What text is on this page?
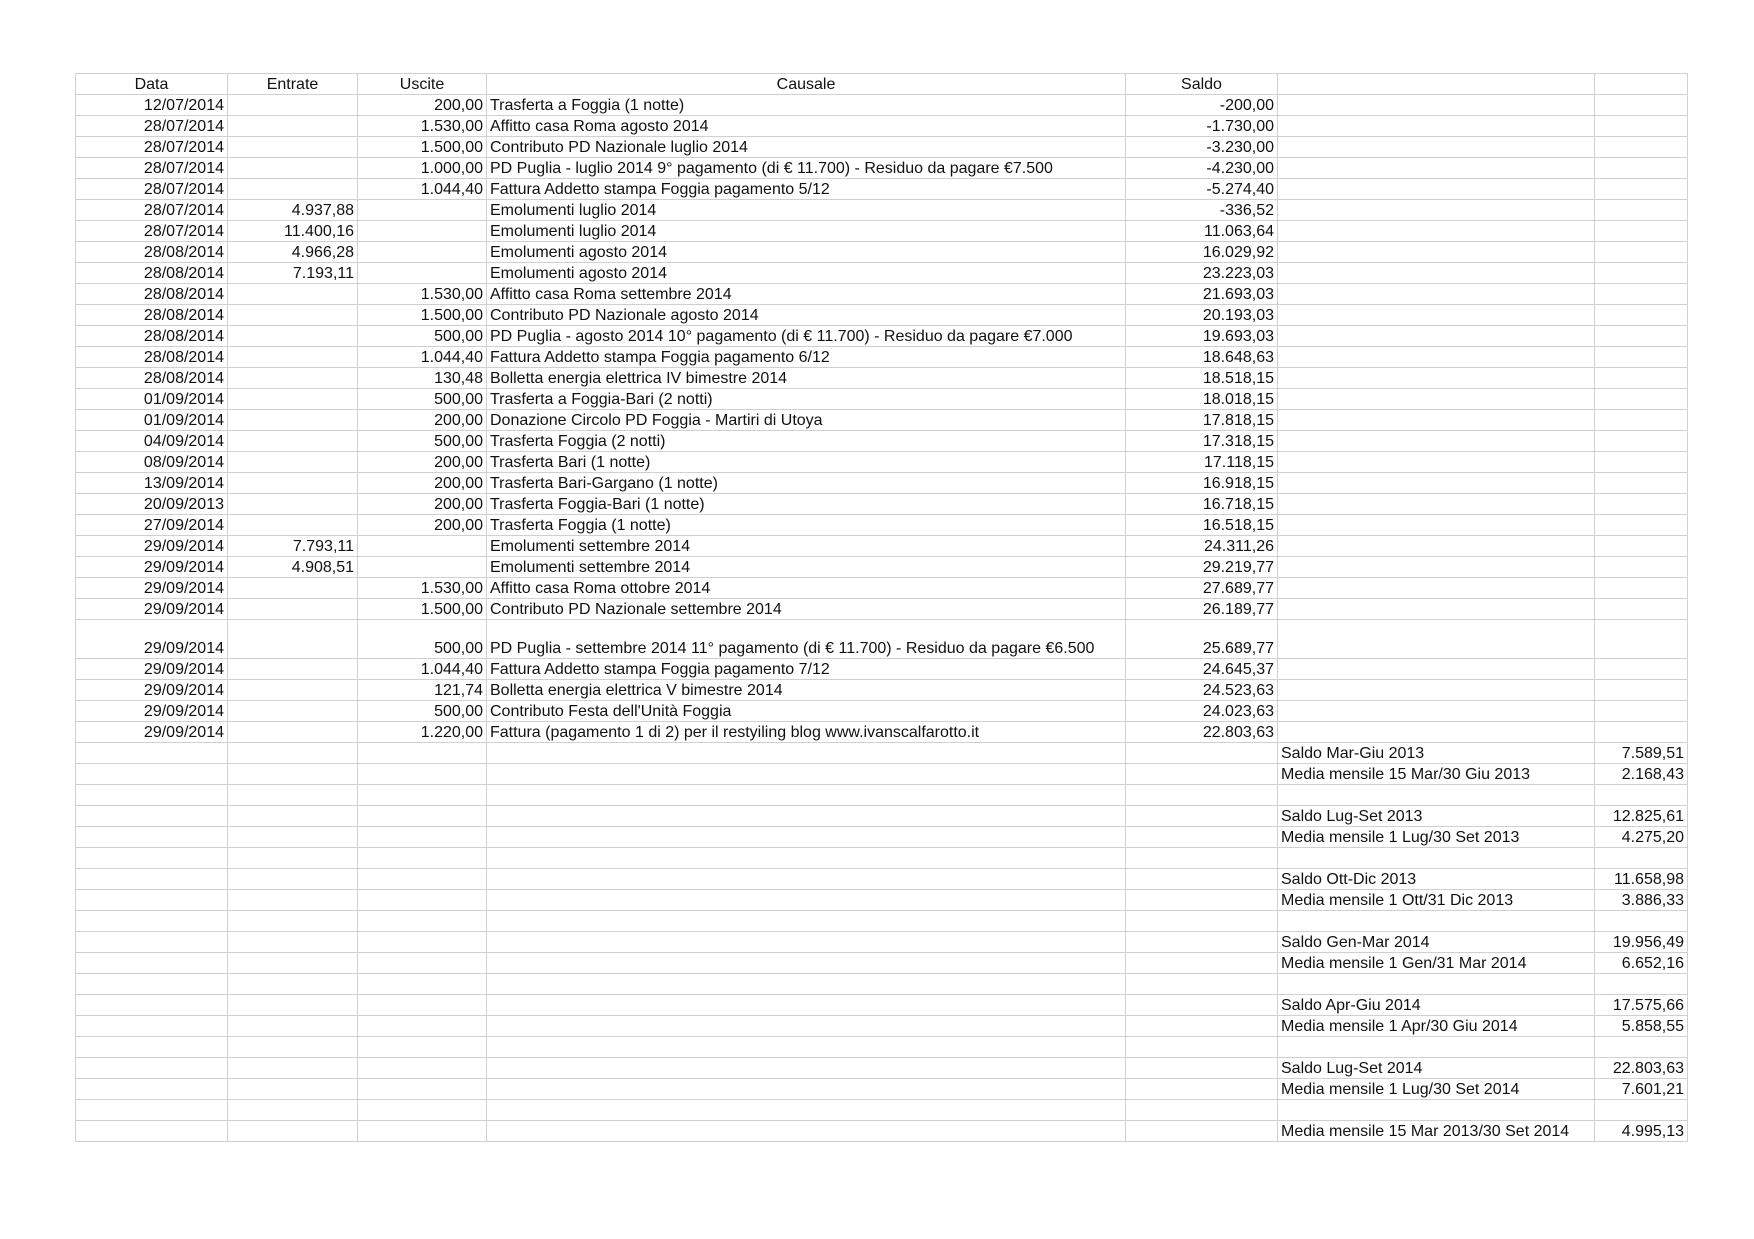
Data	Entrate	Uscite	Causale	Saldo		
12/07/2014		200,00	Trasferta a Foggia (1 notte)	-200,00		
28/07/2014		1.530,00	Affitto casa Roma agosto 2014	-1.730,00		
28/07/2014		1.500,00	Contributo PD Nazionale luglio 2014	-3.230,00		
28/07/2014		1.000,00	PD Puglia - luglio 2014 9° pagamento (di € 11.700) - Residuo da pagare €7.500	-4.230,00		
28/07/2014		1.044,40	Fattura Addetto stampa Foggia pagamento 5/12	-5.274,40		
28/07/2014	4.937,88		Emolumenti luglio 2014	-336,52		
28/07/2014	11.400,16		Emolumenti luglio 2014	11.063,64		
28/08/2014	4.966,28		Emolumenti agosto 2014	16.029,92		
28/08/2014	7.193,11		Emolumenti agosto 2014	23.223,03		
28/08/2014		1.530,00	Affitto casa Roma settembre 2014	21.693,03		
28/08/2014		1.500,00	Contributo PD Nazionale agosto 2014	20.193,03		
28/08/2014		500,00	PD Puglia - agosto 2014 10° pagamento (di € 11.700) - Residuo da pagare €7.000	19.693,03		
28/08/2014		1.044,40	Fattura Addetto stampa Foggia pagamento 6/12	18.648,63		
28/08/2014		130,48	Bolletta energia elettrica IV bimestre 2014	18.518,15		
01/09/2014		500,00	Trasferta a Foggia-Bari (2 notti)	18.018,15		
01/09/2014		200,00	Donazione Circolo PD Foggia - Martiri di Utoya	17.818,15		
04/09/2014		500,00	Trasferta Foggia (2 notti)	17.318,15		
08/09/2014		200,00	Trasferta Bari (1 notte)	17.118,15		
13/09/2014		200,00	Trasferta Bari-Gargano (1 notte)	16.918,15		
20/09/2013		200,00	Trasferta Foggia-Bari (1 notte)	16.718,15		
27/09/2014		200,00	Trasferta Foggia (1 notte)	16.518,15		
29/09/2014	7.793,11		Emolumenti settembre 2014	24.311,26		
29/09/2014	4.908,51		Emolumenti settembre 2014	29.219,77		
29/09/2014		1.530,00	Affitto casa Roma ottobre 2014	27.689,77		
29/09/2014		1.500,00	Contributo PD Nazionale settembre 2014	26.189,77		
29/09/2014		500,00	PD Puglia - settembre 2014 11° pagamento (di € 11.700) - Residuo da pagare €6.500	25.689,77		
29/09/2014		1.044,40	Fattura Addetto stampa Foggia pagamento 7/12	24.645,37		
29/09/2014		121,74	Bolletta energia elettrica V bimestre 2014	24.523,63		
29/09/2014		500,00	Contributo Festa dell'Unità Foggia	24.023,63		
29/09/2014		1.220,00	Fattura (pagamento 1 di 2) per il restyiling blog www.ivanscalfarotto.it	22.803,63		
					Saldo Mar-Giu 2013	7.589,51
					Media mensile 15 Mar/30 Giu 2013	2.168,43

					Saldo Lug-Set 2013	12.825,61
					Media mensile 1 Lug/30 Set 2013	4.275,20

					Saldo Ott-Dic 2013	11.658,98
					Media mensile 1 Ott/31 Dic 2013	3.886,33

					Saldo Gen-Mar 2014	19.956,49
					Media mensile 1 Gen/31 Mar 2014	6.652,16

					Saldo Apr-Giu 2014	17.575,66
					Media mensile 1 Apr/30 Giu 2014	5.858,55

					Saldo Lug-Set 2014	22.803,63
					Media mensile 1 Lug/30 Set 2014	7.601,21

					Media mensile 15 Mar 2013/30 Set 2014	4.995,13
